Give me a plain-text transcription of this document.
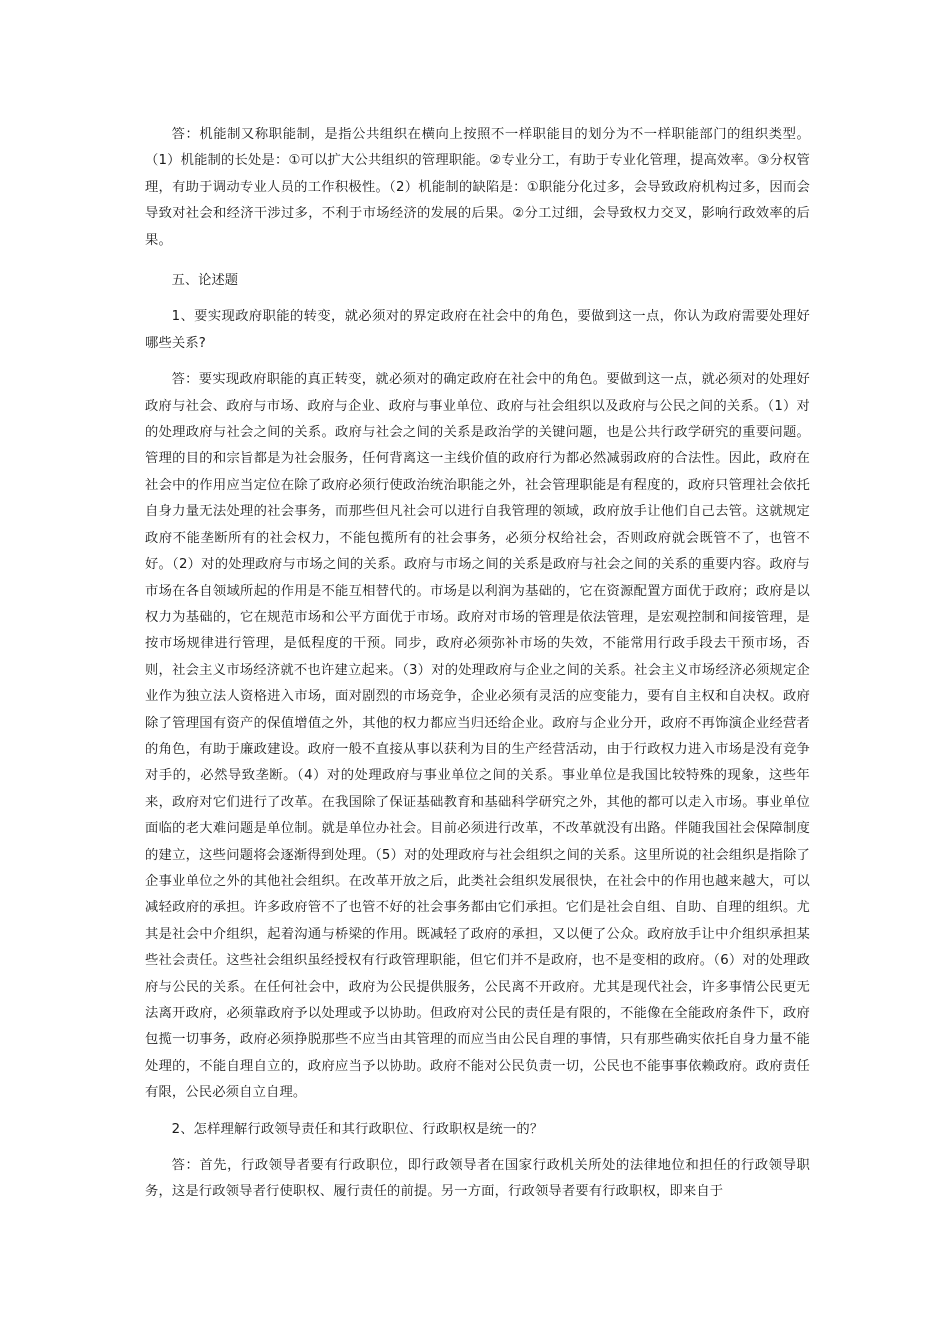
答：机能制又称职能制，是指公共组织在横向上按照不一样职能目的划分为不一样职能部门的组织类型。（1）机能制的长处是：①可以扩大公共组织的管理职能。②专业分工，有助于专业化管理，提高效率。③分权管理，有助于调动专业人员的工作积极性。（2）机能制的缺陷是：①职能分化过多，会导致政府机构过多，因而会导致对社会和经济干涉过多，不利于市场经济的发展的后果。②分工过细，会导致权力交叉，影响行政效率的后果。

五、论述题

1、要实现政府职能的转变，就必须对的界定政府在社会中的角色，要做到这一点，你认为政府需要处理好哪些关系?

答：要实现政府职能的真正转变，就必须对的确定政府在社会中的角色。要做到这一点，就必须对的处理好政府与社会、政府与市场、政府与企业、政府与事业单位、政府与社会组织以及政府与公民之间的关系。（1）对的处理政府与社会之间的关系。政府与社会之间的关系是政治学的关键问题，也是公共行政学研究的重要问题。管理的目的和宗旨都是为社会服务，任何背离这一主线价值的政府行为都必然减弱政府的合法性。因此，政府在社会中的作用应当定位在除了政府必须行使政治统治职能之外，社会管理职能是有程度的，政府只管理社会依托自身力量无法处理的社会事务，而那些但凡社会可以进行自我管理的领域，政府放手让他们自己去管。这就规定政府不能垄断所有的社会权力，不能包揽所有的社会事务，必须分权给社会，否则政府就会既管不了，也管不好。（2）对的处理政府与市场之间的关系。政府与市场之间的关系是政府与社会之间的关系的重要内容。政府与市场在各自领域所起的作用是不能互相替代的。市场是以利润为基础的，它在资源配置方面优于政府；政府是以权力为基础的，它在规范市场和公平方面优于市场。政府对市场的管理是依法管理，是宏观控制和间接管理，是按市场规律进行管理，是低程度的干预。同步，政府必须弥补市场的失效，不能常用行政手段去干预市场，否则，社会主义市场经济就不也许建立起来。（3）对的处理政府与企业之间的关系。社会主义市场经济必须规定企业作为独立法人资格进入市场，面对剧烈的市场竞争，企业必须有灵活的应变能力，要有自主权和自决权。政府除了管理国有资产的保值增值之外，其他的权力都应当归还给企业。政府与企业分开，政府不再饰演企业经营者的角色，有助于廉政建设。政府一般不直接从事以获利为目的生产经营活动，由于行政权力进入市场是没有竞争对手的，必然导致垄断。（4）对的处理政府与事业单位之间的关系。事业单位是我国比较特殊的现象，这些年来，政府对它们进行了改革。在我国除了保证基础教育和基础科学研究之外，其他的都可以走入市场。事业单位面临的老大难问题是单位制。就是单位办社会。目前必须进行改革，不改革就没有出路。伴随我国社会保障制度的建立，这些问题将会逐渐得到处理。（5）对的处理政府与社会组织之间的关系。这里所说的社会组织是指除了企事业单位之外的其他社会组织。在改革开放之后，此类社会组织发展很快，在社会中的作用也越来越大，可以减轻政府的承担。许多政府管不了也管不好的社会事务都由它们承担。它们是社会自组、自助、自理的组织。尤其是社会中介组织，起着沟通与桥梁的作用。既减轻了政府的承担，又以便了公众。政府放手让中介组织承担某些社会责任。这些社会组织虽经授权有行政管理职能，但它们并不是政府，也不是变相的政府。（6）对的处理政府与公民的关系。在任何社会中，政府为公民提供服务，公民离不开政府。尤其是现代社会，许多事情公民更无法离开政府，必须靠政府予以处理或予以协助。但政府对公民的责任是有限的，不能像在全能政府条件下，政府包揽一切事务，政府必须挣脱那些不应当由其管理的而应当由公民自理的事情，只有那些确实依托自身力量不能处理的，不能自理自立的，政府应当予以协助。政府不能对公民负责一切，公民也不能事事依赖政府。政府责任有限，公民必须自立自理。

2、怎样理解行政领导责任和其行政职位、行政职权是统一的？

答：首先，行政领导者要有行政职位，即行政领导者在国家行政机关所处的法律地位和担任的行政领导职务，这是行政领导者行使职权、履行责任的前提。另一方面，行政领导者要有行政职权，即来自于
